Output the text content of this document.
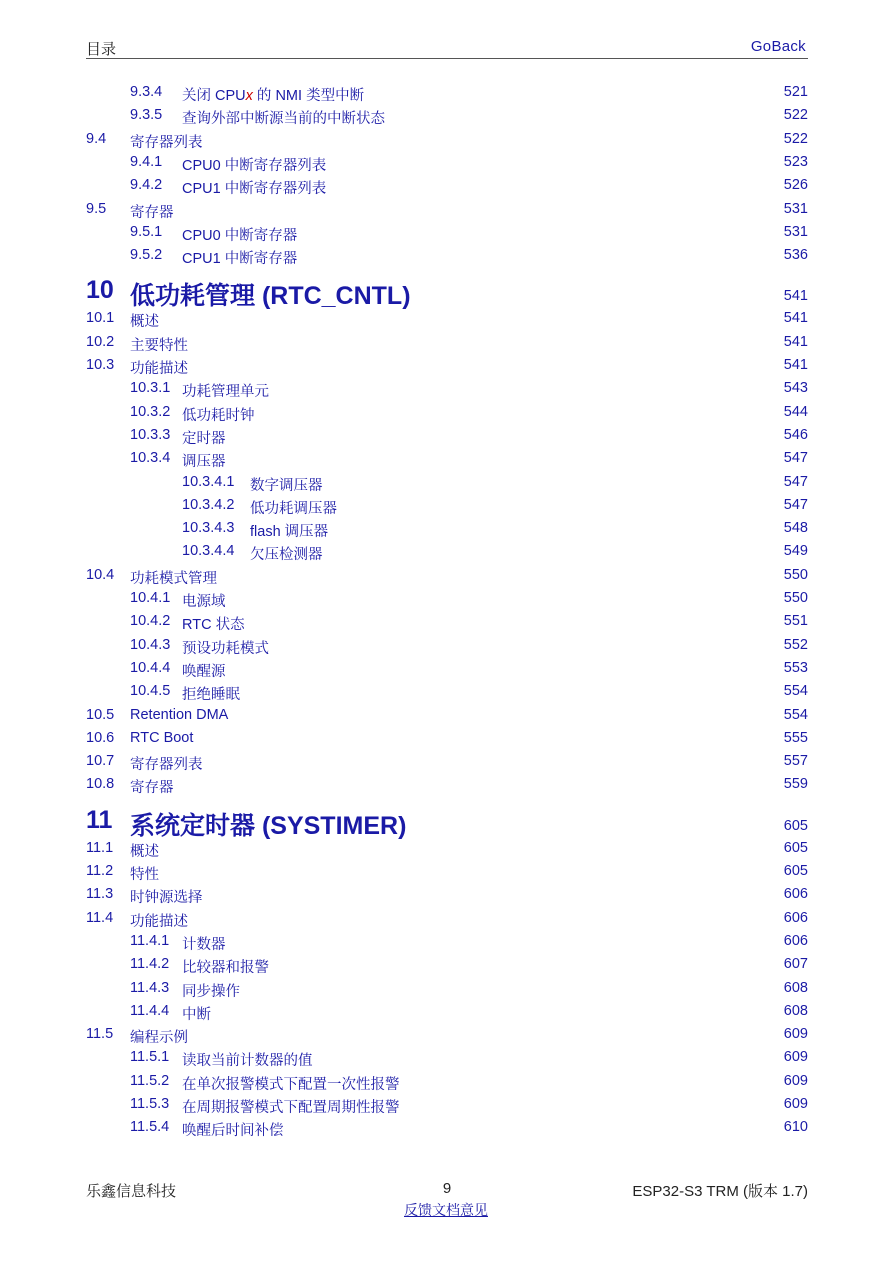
目录	GoBack
9.3.4 关闭 CPUx 的 NMI 类型中断	521
9.3.5 查询外部中断源当前的中断状态	522
9.4 寄存器列表	522
9.4.1 CPU0 中断寄存器列表	523
9.4.2 CPU1 中断寄存器列表	526
9.5 寄存器	531
9.5.1 CPU0 中断寄存器	531
9.5.2 CPU1 中断寄存器	536
10 低功耗管理 (RTC_CNTL)	541
10.1 概述	541
10.2 主要特性	541
10.3 功能描述	541
10.3.1 功耗管理单元	543
10.3.2 低功耗时钟	544
10.3.3 定时器	546
10.3.4 调压器	547
10.3.4.1 数字调压器	547
10.3.4.2 低功耗调压器	547
10.3.4.3 flash 调压器	548
10.3.4.4 欠压检测器	549
10.4 功耗模式管理	550
10.4.1 电源域	550
10.4.2 RTC 状态	551
10.4.3 预设功耗模式	552
10.4.4 唤醒源	553
10.4.5 拒绝睡眠	554
10.5 Retention DMA	554
10.6 RTC Boot	555
10.7 寄存器列表	557
10.8 寄存器	559
11 系统定时器 (SYSTIMER)	605
11.1 概述	605
11.2 特性	605
11.3 时钟源选择	606
11.4 功能描述	606
11.4.1 计数器	606
11.4.2 比较器和报警	607
11.4.3 同步操作	608
11.4.4 中断	608
11.5 编程示例	609
11.5.1 读取当前计数器的值	609
11.5.2 在单次报警模式下配置一次性报警	609
11.5.3 在周期报警模式下配置周期性报警	609
11.5.4 唤醒后时间补偿	610
乐鑫信息科技	9	ESP32-S3 TRM (版本 1.7)
反馈文档意见
